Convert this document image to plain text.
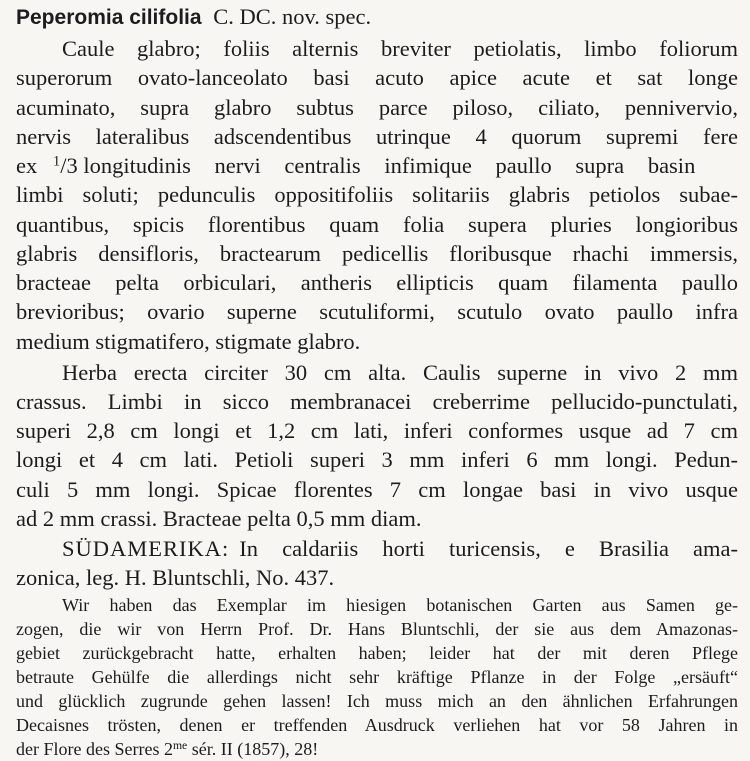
Peperomia cilifolia C. DC. nov. spec.
Caule glabro; foliis alternis breviter petiolatis, limbo foliorum
superorum ovato-lanceolato basi acuto apice acute et sat longe
acuminato, supra glabro subtus parce piloso, ciliato, pennivervio,
nervis lateralibus adscendentibus utrinque 4 quorum supremi fere
ex $^1$/3 longitudinis nervi centralis infimique paullo supra basin
limbi soluti; pedunculis oppositifoliis solitariis glabris petiolos subae-
quantibus, spicis florentibus quam folia supera pluries longioribus
glabris densifloris, bractearum pedicellis floribusque rhachi immersis,
bracteae pelta orbiculari, antheris ellipticis quam filamenta paullo
brevioribus; ovario superne scutuliformi, scutulo ovato paullo infra
medium stigmatifero, stigmate glabro.
Herba erecta circiter 30 cm alta. Caulis superne in vivo 2 mm
crassus. Limbi in sicco membranacei creberrime pellucido-punctulati,
superi 2,8 cm longi et 1,2 cm lati, inferi conformes usque ad 7 cm
longi et 4 cm lati. Petioli superi 3 mm inferi 6 mm longi. Pedun-
culi 5 mm longi. Spicae florentes 7 cm longae basi in vivo usque
ad 2 mm crassi. Bracteae pelta 0,5 mm diam.
SÜDAMERIKA: In caldariis horti turicensis, e Brasilia ama-
zonica, leg. H. Bluntschli, No. 437.
Wir haben das Exemplar im hiesigen botanischen Garten aus Samen ge-
zogen, die wir von Herrn Prof. Dr. Hans Bluntschli, der sie aus dem Amazonas-
gebiet zurückgebracht hatte, erhalten haben; leider hat der mit deren Pflege
betraute Gehülfe die allerdings nicht sehr kräftige Pflanze in der Folge „ersäuft“
und glücklich zugrunde gehen lassen! Ich muss mich an den ähnlichen Erfahrungen
Decaisnes trösten, denen er treffenden Ausdruck verliehen hat vor 58 Jahren in
der Flore des Serres $2^{me}$ sér. II (1857), 28!
